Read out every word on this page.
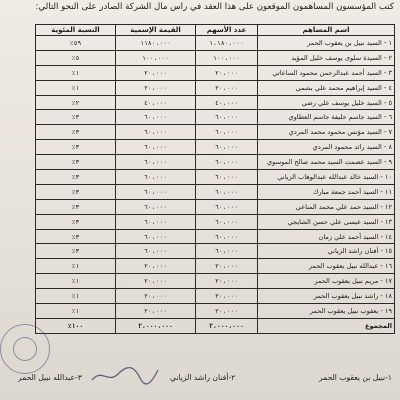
كتب المؤسسون المساهمون الموقعون على هذا العقد في رأس مال الشركة الصادر على النحو التالي:
اسم المساهم	عدد الأسهم	القيمة الإسمية	النسبة المئوية
١ - السيد نبيل بن يعقوب الحمر	١،١٨٠،٠٠٠	١١٨٠،٠٠٠	٥٩٪
٢ - السيدة سلوى يوسف خليل المؤيد	١٠٠،٠٠٠	١٠٠،٠٠٠	٥٪
٣ - السيد أحمد عبدالرحمن محمود الساعاتي	٢٠،٠٠٠	٢٠،٠٠٠	١٪
٤ - السيد إبراهيم محمد علي بشمي	٢٠،٠٠٠	٢٠،٠٠٠	١٪
٥ - السيد خليل يوسف علي رضي	٤٠،٠٠٠	٤٠،٠٠٠	٢٪
٦ - السيد جاسم خليفة جاسم العطاوي	٦٠،٠٠٠	٦٠،٠٠٠	٣٪
٧ - السيد مؤنس محمود محمد المردي	٦٠،٠٠٠	٦٠،٠٠٠	٣٪
٨ - السيد رائد محمود المردي	٦٠،٠٠٠	٦٠،٠٠٠	٣٪
٩ - السيد عصمت السيد محمد صالح الموسوي	٦٠،٠٠٠	٦٠،٠٠٠	٣٪
١٠ - السيد خالد عبدالله عبدالوهاب الزياني	٦٠،٠٠٠	٦٠،٠٠٠	٣٪
١١ - السيد أحمد جمعة مبارك	٦٠،٠٠٠	٦٠،٠٠٠	٣٪
١٢ - السيد حمد علي محمد المناعي	٦٠،٠٠٠	٦٠،٠٠٠	٣٪
١٣ - السيد عيسى علي حسن الشايجي	٦٠،٠٠٠	٦٠،٠٠٠	٣٪
١٤ - السيد أحمد علي زمان	٦٠،٠٠٠	٦٠،٠٠٠	٣٪
١٥ - أفنان راشد الزياني	٦٠،٠٠٠	٦٠،٠٠٠	٣٪
١٦ - عبدالله نبيل يعقوب الحمر	٢٠،٠٠٠	٢٠،٠٠٠	١٪
١٧ - مريم نبيل يعقوب الحمر	٢٠،٠٠٠	٢٠،٠٠٠	١٪
١٨ - راشد نبيل يعقوب الحمر	٢٠،٠٠٠	٢٠،٠٠٠	١٪
١٩ - يعقوب نبيل يعقوب الحمر	٢٠،٠٠٠	٢٠،٠٠٠	١٪
المجموع	٢،٠٠٠،٠٠٠	٢،٠٠٠،٠٠٠	١٠٠٪
١-نبيل بن يعقوب الحمر
٢-أفنان راشد الزياني
٣-عبدالله نبيل الحمر
